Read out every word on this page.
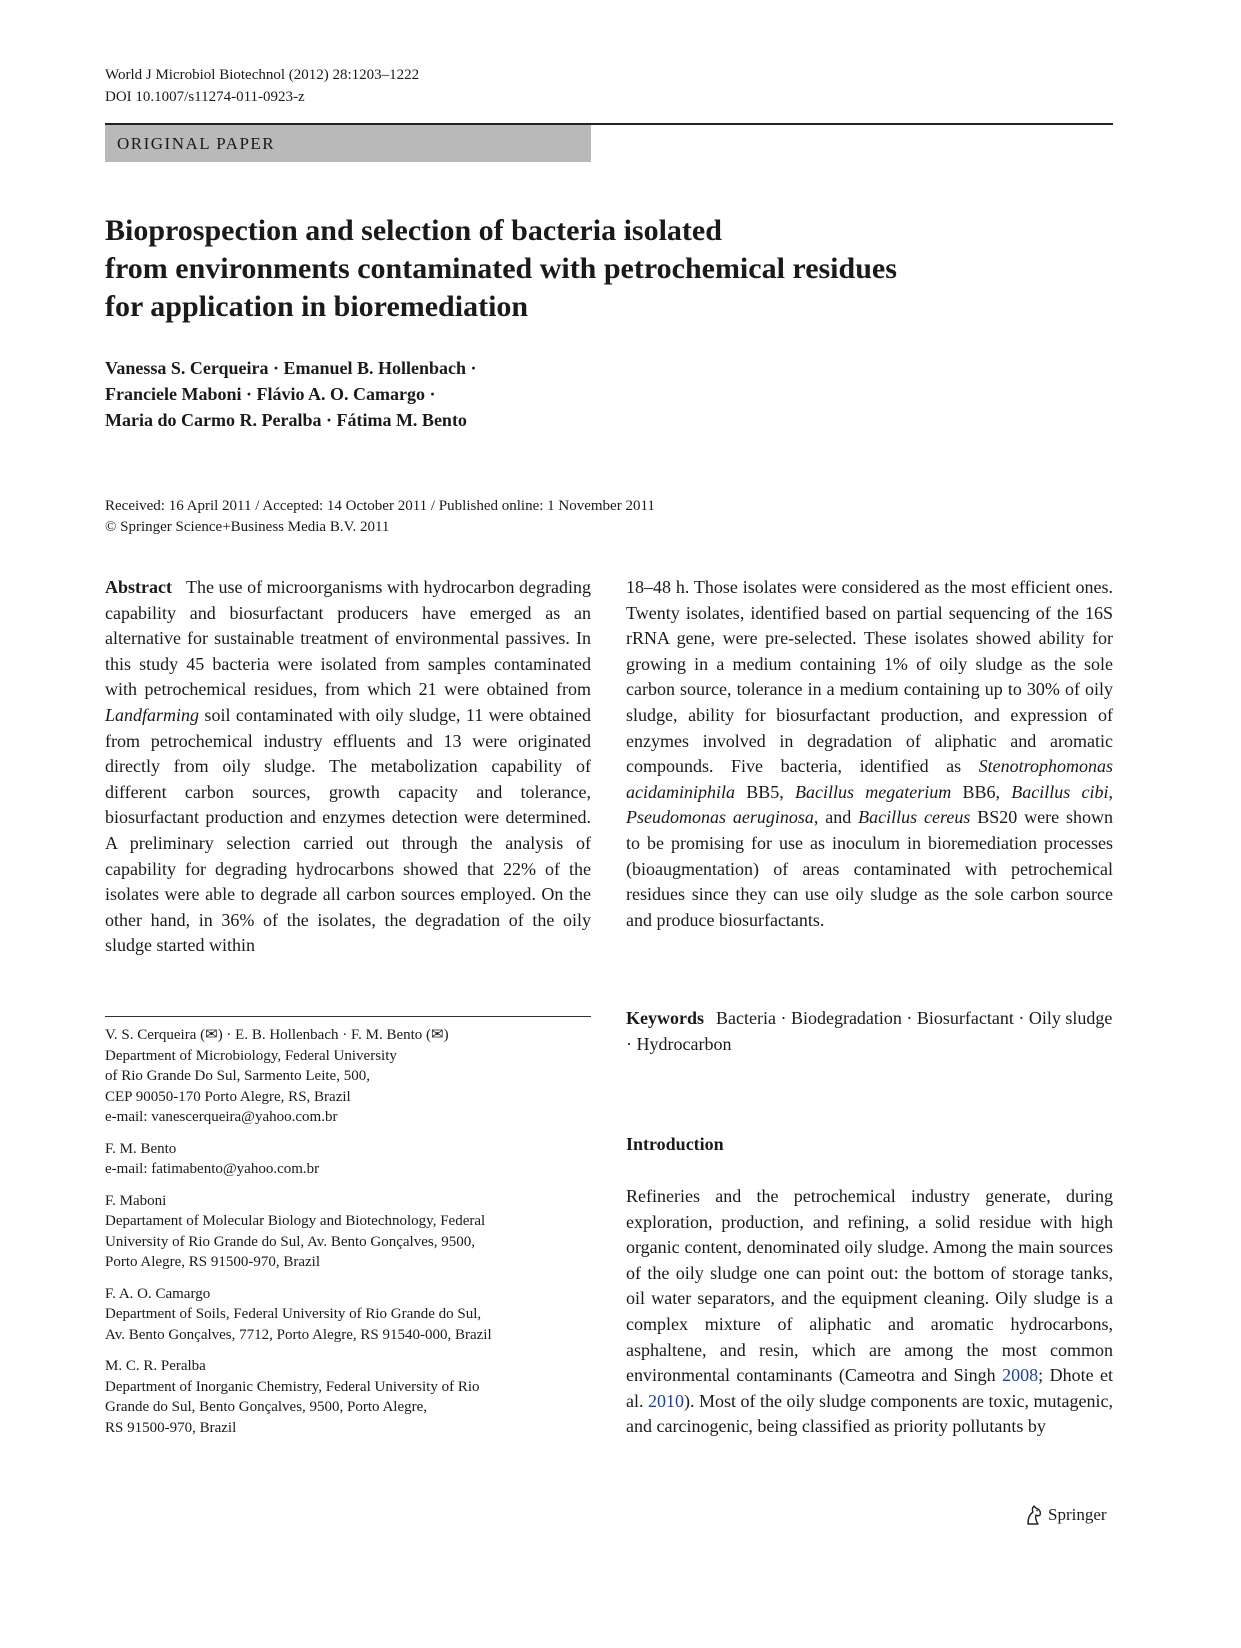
World J Microbiol Biotechnol (2012) 28:1203–1222
DOI 10.1007/s11274-011-0923-z
ORIGINAL PAPER
Bioprospection and selection of bacteria isolated
from environments contaminated with petrochemical residues
for application in bioremediation
Vanessa S. Cerqueira · Emanuel B. Hollenbach ·
Franciele Maboni · Flávio A. O. Camargo ·
Maria do Carmo R. Peralba · Fátima M. Bento
Received: 16 April 2011 / Accepted: 14 October 2011 / Published online: 1 November 2011
© Springer Science+Business Media B.V. 2011

Abstract The use of microorganisms with hydrocarbon degrading capability and biosurfactant producers have emerged as an alternative for sustainable treatment of environmental passives. In this study 45 bacteria were isolated from samples contaminated with petrochemical residues, from which 21 were obtained from Landfarming soil contaminated with oily sludge, 11 were obtained from petrochemical industry effluents and 13 were originated directly from oily sludge. The metabolization capability of different carbon sources, growth capacity and tolerance, biosurfactant production and enzymes detection were determined. A preliminary selection carried out through the analysis of capability for degrading hydrocarbons showed that 22% of the isolates were able to degrade all carbon sources employed. On the other hand, in 36% of the isolates, the degradation of the oily sludge started within

V. S. Cerqueira (✉) · E. B. Hollenbach · F. M. Bento (✉)
Department of Microbiology, Federal University
of Rio Grande Do Sul, Sarmento Leite, 500,
CEP 90050-170 Porto Alegre, RS, Brazil
e-mail: vanescerqueira@yahoo.com.br
F. M. Bento
e-mail: fatimabento@yahoo.com.br
F. Maboni
Departament of Molecular Biology and Biotechnology, Federal
University of Rio Grande do Sul, Av. Bento Gonçalves, 9500,
Porto Alegre, RS 91500-970, Brazil
F. A. O. Camargo
Department of Soils, Federal University of Rio Grande do Sul,
Av. Bento Gonçalves, 7712, Porto Alegre, RS 91540-000, Brazil
M. C. R. Peralba
Department of Inorganic Chemistry, Federal University of Rio
Grande do Sul, Bento Gonçalves, 9500, Porto Alegre,
RS 91500-970, Brazil

18–48 h. Those isolates were considered as the most efficient ones. Twenty isolates, identified based on partial sequencing of the 16S rRNA gene, were pre-selected. These isolates showed ability for growing in a medium containing 1% of oily sludge as the sole carbon source, tolerance in a medium containing up to 30% of oily sludge, ability for biosurfactant production, and expression of enzymes involved in degradation of aliphatic and aromatic compounds. Five bacteria, identified as Stenotrophomonas acidaminiphila BB5, Bacillus megaterium BB6, Bacillus cibi, Pseudomonas aeruginosa, and Bacillus cereus BS20 were shown to be promising for use as inoculum in bioremediation processes (bioaugmentation) of areas contaminated with petrochemical residues since they can use oily sludge as the sole carbon source and produce biosurfactants.

Keywords Bacteria · Biodegradation · Biosurfactant · Oily sludge · Hydrocarbon
Introduction

Refineries and the petrochemical industry generate, during exploration, production, and refining, a solid residue with high organic content, denominated oily sludge. Among the main sources of the oily sludge one can point out: the bottom of storage tanks, oil water separators, and the equipment cleaning. Oily sludge is a complex mixture of aliphatic and aromatic hydrocarbons, asphaltene, and resin, which are among the most common environmental contaminants (Cameotra and Singh 2008; Dhote et al. 2010). Most of the oily sludge components are toxic, mutagenic, and carcinogenic, being classified as priority pollutants by

Springer
